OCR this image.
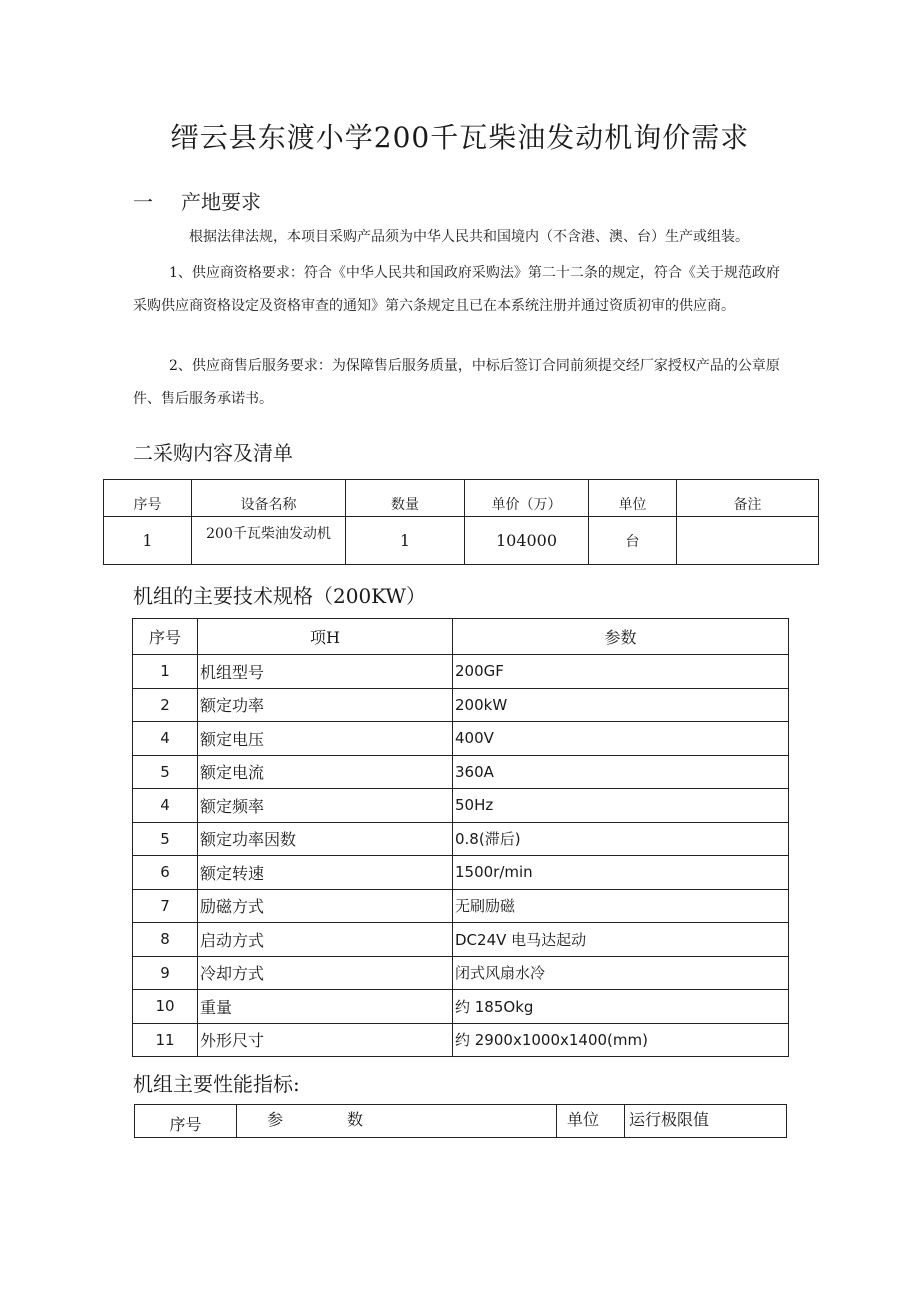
缙云县东渡小学200千瓦柴油发动机询价需求
一 产地要求
根据法律法规，本项目采购产品须为中华人民共和国境内（不含港、澳、台）生产或组装。
1、供应商资格要求：符合《中华人民共和国政府采购法》第二十二条的规定，符合《关于规范政府采购供应商资格设定及资格审查的通知》第六条规定且已在本系统注册并通过资质初审的供应商。
2、供应商售后服务要求：为保障售后服务质量，中标后签订合同前须提交经厂家授权产品的公章原件、售后服务承诺书。
二采购内容及清单
序号	设备名称	数量	单价（万）	单位	备注
1	200千瓦柴油发动机	1	104000	台	
机组的主要技术规格（200KW）
序号	项H	参数
1	机组型号	200GF
2	额定功率	200kW
4	额定电压	400V
5	额定电流	360A
4	额定频率	50Hz
5	额定功率因数	0.8(滞后)
6	额定转速	1500r/min
7	励磁方式	无刷励磁
8	启动方式	DC24V 电马达起动
9	冷却方式	闭式风扇水冷
10	重量	约 185Okg
11	外形尺寸	约 2900x1000x1400(mm)
机组主要性能指标:
序号	参　　　　数	单位	运行极限值
